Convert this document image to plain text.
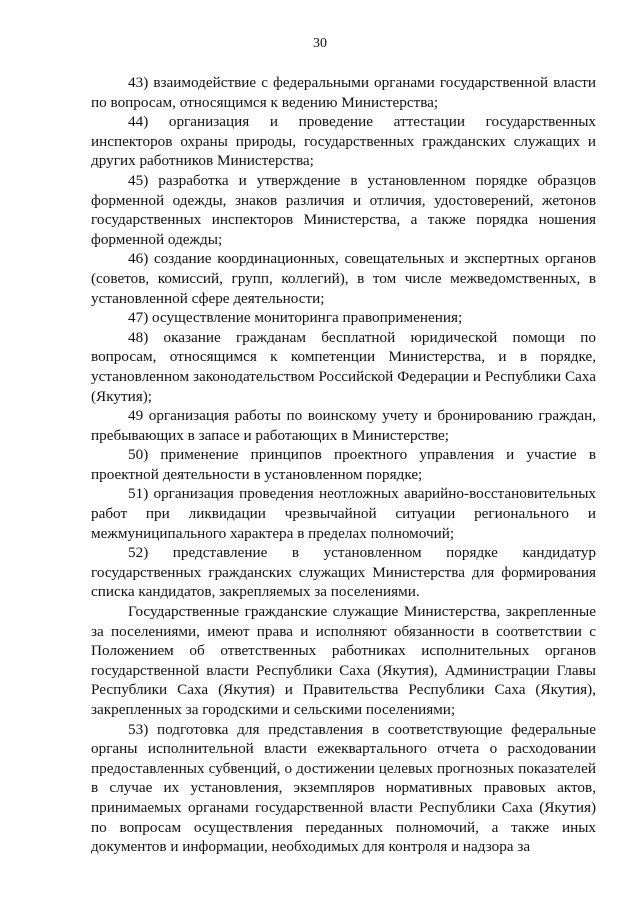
30

43) взаимодействие с федеральными органами государственной власти по вопросам, относящимся к ведению Министерства;

44) организация и проведение аттестации государственных инспекторов охраны природы, государственных гражданских служащих и других работников Министерства;

45) разработка и утверждение в установленном порядке образцов форменной одежды, знаков различия и отличия, удостоверений, жетонов государственных инспекторов Министерства, а также порядка ношения форменной одежды;

46) создание координационных, совещательных и экспертных органов (советов, комиссий, групп, коллегий), в том числе межведомственных, в установленной сфере деятельности;

47) осуществление мониторинга правоприменения;

48) оказание гражданам бесплатной юридической помощи по вопросам, относящимся к компетенции Министерства, и в порядке, установленном законодательством Российской Федерации и Республики Саха (Якутия);

49 организация работы по воинскому учету и бронированию граждан, пребывающих в запасе и работающих в Министерстве;

50) применение принципов проектного управления и участие в проектной деятельности в установленном порядке;

51) организация проведения неотложных аварийно-восстановительных работ при ликвидации чрезвычайной ситуации регионального и межмуниципального характера в пределах полномочий;

52) представление в установленном порядке кандидатур государственных гражданских служащих Министерства для формирования списка кандидатов, закрепляемых за поселениями.

Государственные гражданские служащие Министерства, закрепленные за поселениями, имеют права и исполняют обязанности в соответствии с Положением об ответственных работниках исполнительных органов государственной власти Республики Саха (Якутия), Администрации Главы Республики Саха (Якутия) и Правительства Республики Саха (Якутия), закрепленных за городскими и сельскими поселениями;

53) подготовка для представления в соответствующие федеральные органы исполнительной власти ежеквартального отчета о расходовании предоставленных субвенций, о достижении целевых прогнозных показателей в случае их установления, экземпляров нормативных правовых актов, принимаемых органами государственной власти Республики Саха (Якутия) по вопросам осуществления переданных полномочий, а также иных документов и информации, необходимых для контроля и надзора за
